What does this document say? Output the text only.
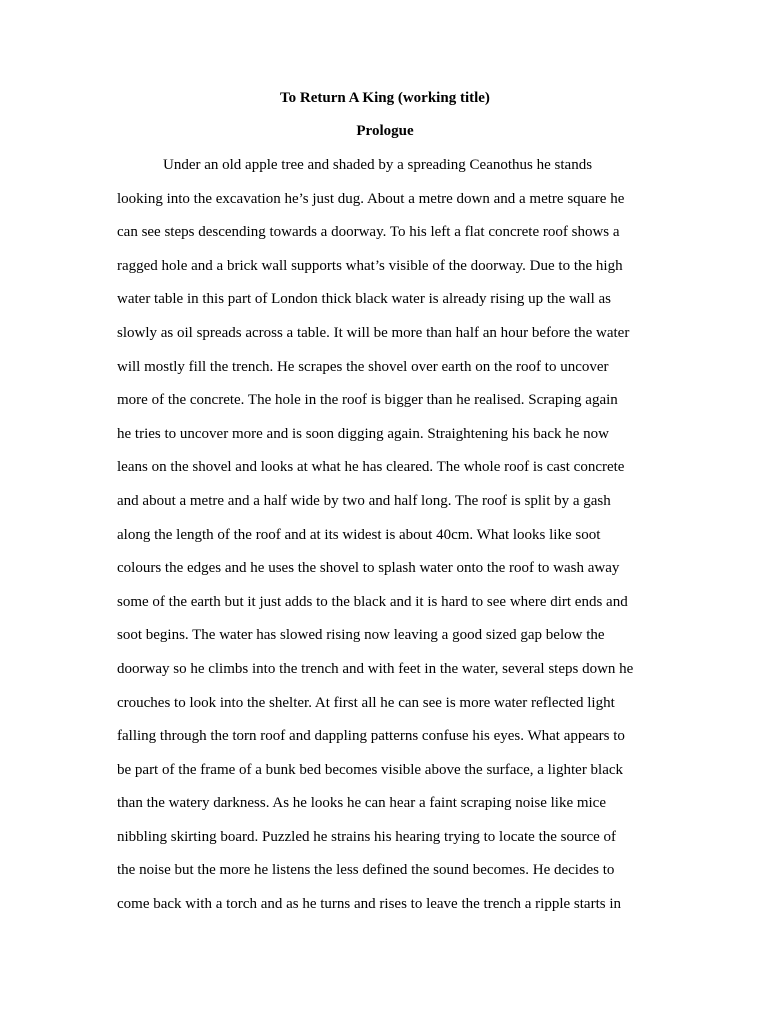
To Return A King (working title)
Prologue
Under an old apple tree and shaded by a spreading Ceanothus he stands
looking into the excavation he’s just dug. About a metre down and a metre square he
can see steps descending towards a doorway. To his left a flat concrete roof shows a
ragged hole and a brick wall supports what’s visible of the doorway. Due to the high
water table in this part of London thick black water is already rising up the wall as
slowly as oil spreads across a table. It will be more than half an hour before the water
will mostly fill the trench. He scrapes the shovel over earth on the roof to uncover
more of the concrete. The hole in the roof is bigger than he realised. Scraping again
he tries to uncover more and is soon digging again. Straightening his back he now
leans on the shovel and looks at what he has cleared. The whole roof is cast concrete
and about a metre and a half wide by two and half long. The roof is split by a gash
along the length of the roof and at its widest is about 40cm. What looks like soot
colours the edges and he uses the shovel to splash water onto the roof to wash away
some of the earth but it just adds to the black and it is hard to see where dirt ends and
soot begins. The water has slowed rising now leaving a good sized gap below the
doorway so he climbs into the trench and with feet in the water, several steps down he
crouches to look into the shelter. At first all he can see is more water reflected light
falling through the torn roof and dappling patterns confuse his eyes. What appears to
be part of the frame of a bunk bed becomes visible above the surface, a lighter black
than the watery darkness. As he looks he can hear a faint scraping noise like mice
nibbling skirting board. Puzzled he strains his hearing trying to locate the source of
the noise but the more he listens the less defined the sound becomes. He decides to
come back with a torch and as he turns and rises to leave the trench a ripple starts in
